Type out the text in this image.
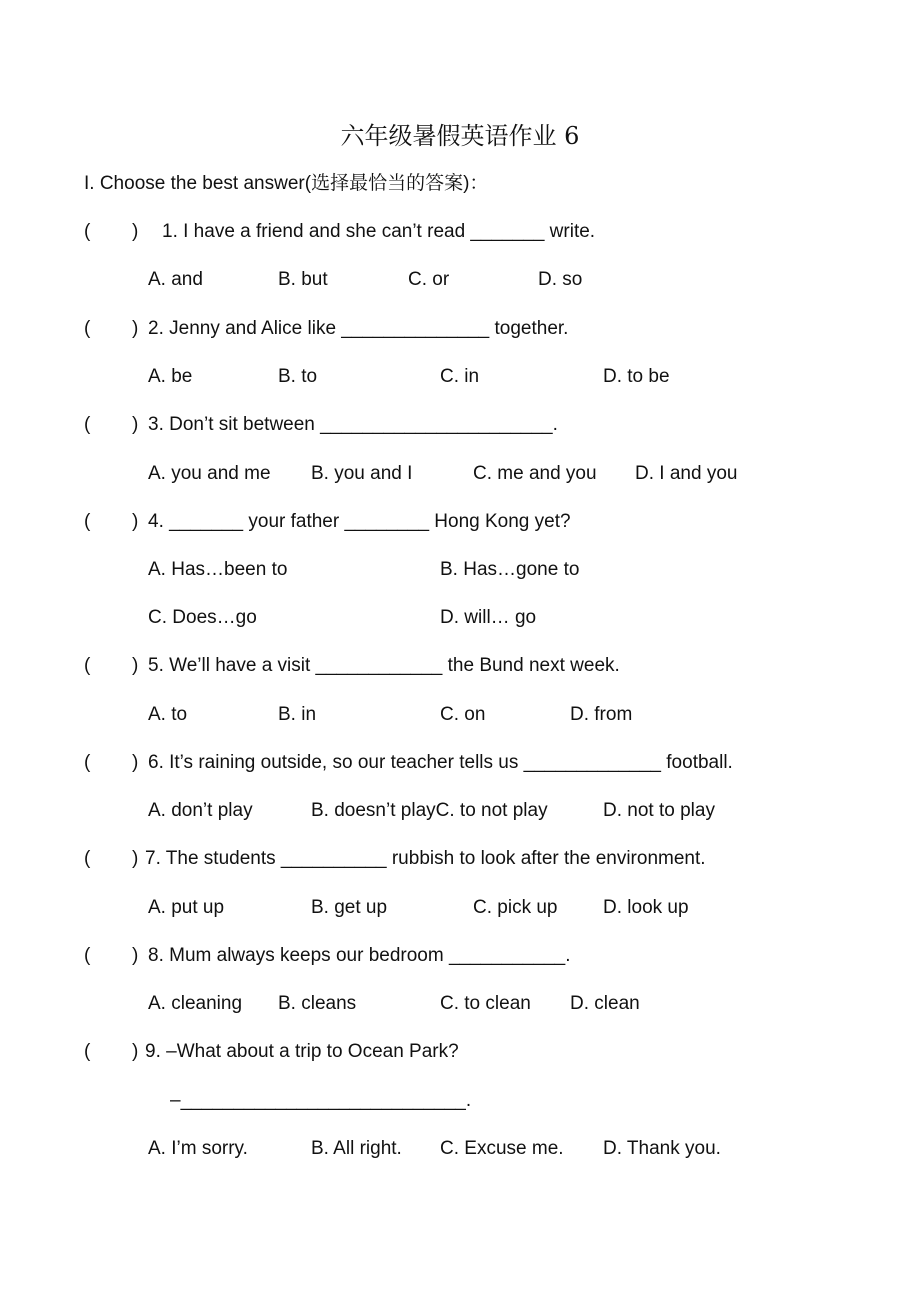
六年级暑假英语作业 6
I. Choose the best answer(选择最恰当的答案)：
( ) 1. I have a friend and she can’t read _______ write.
A. and	B. but	C. or	D. so
( ) 2. Jenny and Alice like ______________ together.
A. be	B. to	C. in	D. to be
( ) 3. Don’t sit between ______________________.
A. you and me B. you and I	C. me and you D. I and you
( ) 4. _______ your father ________ Hong Kong yet?
A. Has…been to	B. Has…gone to
C. Does…go	D. will… go
( ) 5. We’ll have a visit ____________ the Bund next week.
A. to	B. in	C. on	D. from
( ) 6. It’s raining outside, so our teacher tells us _____________ football.
A. don’t play	B. doesn’t playC. to not play	D. not to play
( ) 7. The students __________ rubbish to look after the environment.
A. put up	B. get up	C. pick up D. look up
( ) 8. Mum always keeps our bedroom ___________.
A. cleaning B. cleans	C. to clean D. clean
( ) 9. –What about a trip to Ocean Park?
–___________________________.
A. I’m sorry.	B. All right. C. Excuse me. D. Thank you.
